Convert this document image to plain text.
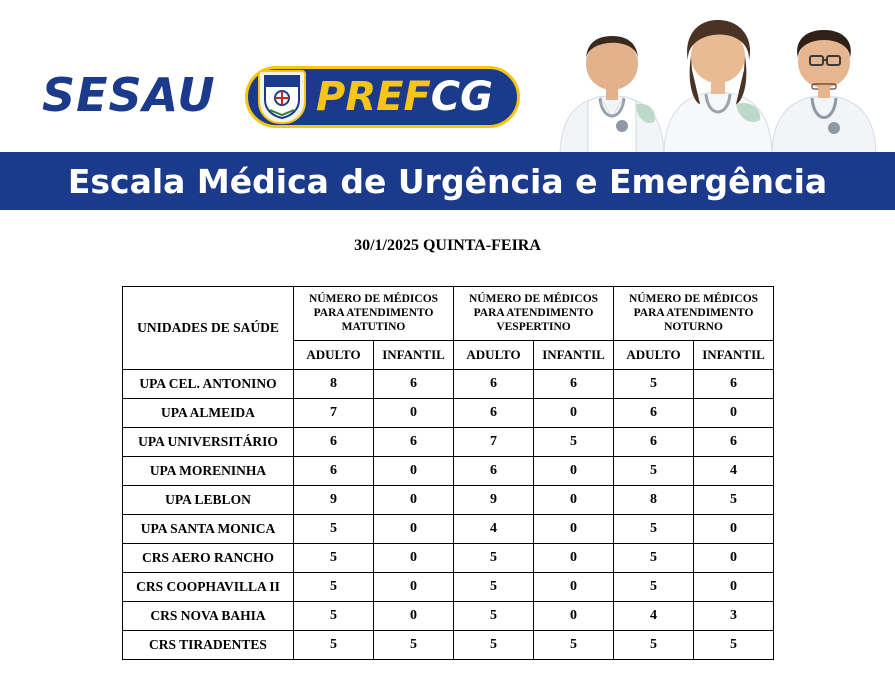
SESAU	PREFCG
Escala Médica de Urgência e Emergência
30/1/2025 QUINTA-FEIRA
UNIDADES DE SAÚDE	NÚMERO DE MÉDICOS PARA ATENDIMENTO MATUTINO		NÚMERO DE MÉDICOS PARA ATENDIMENTO VESPERTINO		NÚMERO DE MÉDICOS PARA ATENDIMENTO NOTURNO	
	ADULTO	INFANTIL	ADULTO	INFANTIL	ADULTO	INFANTIL
UPA CEL. ANTONINO	8	6	6	6	5	6
UPA ALMEIDA	7	0	6	0	6	0
UPA UNIVERSITÁRIO	6	6	7	5	6	6
UPA MORENINHA	6	0	6	0	5	4
UPA LEBLON	9	0	9	0	8	5
UPA SANTA MONICA	5	0	4	0	5	0
CRS AERO RANCHO	5	0	5	0	5	0
CRS COOPHAVILLA II	5	0	5	0	5	0
CRS NOVA BAHIA	5	0	5	0	4	3
CRS TIRADENTES	5	5	5	5	5	5
